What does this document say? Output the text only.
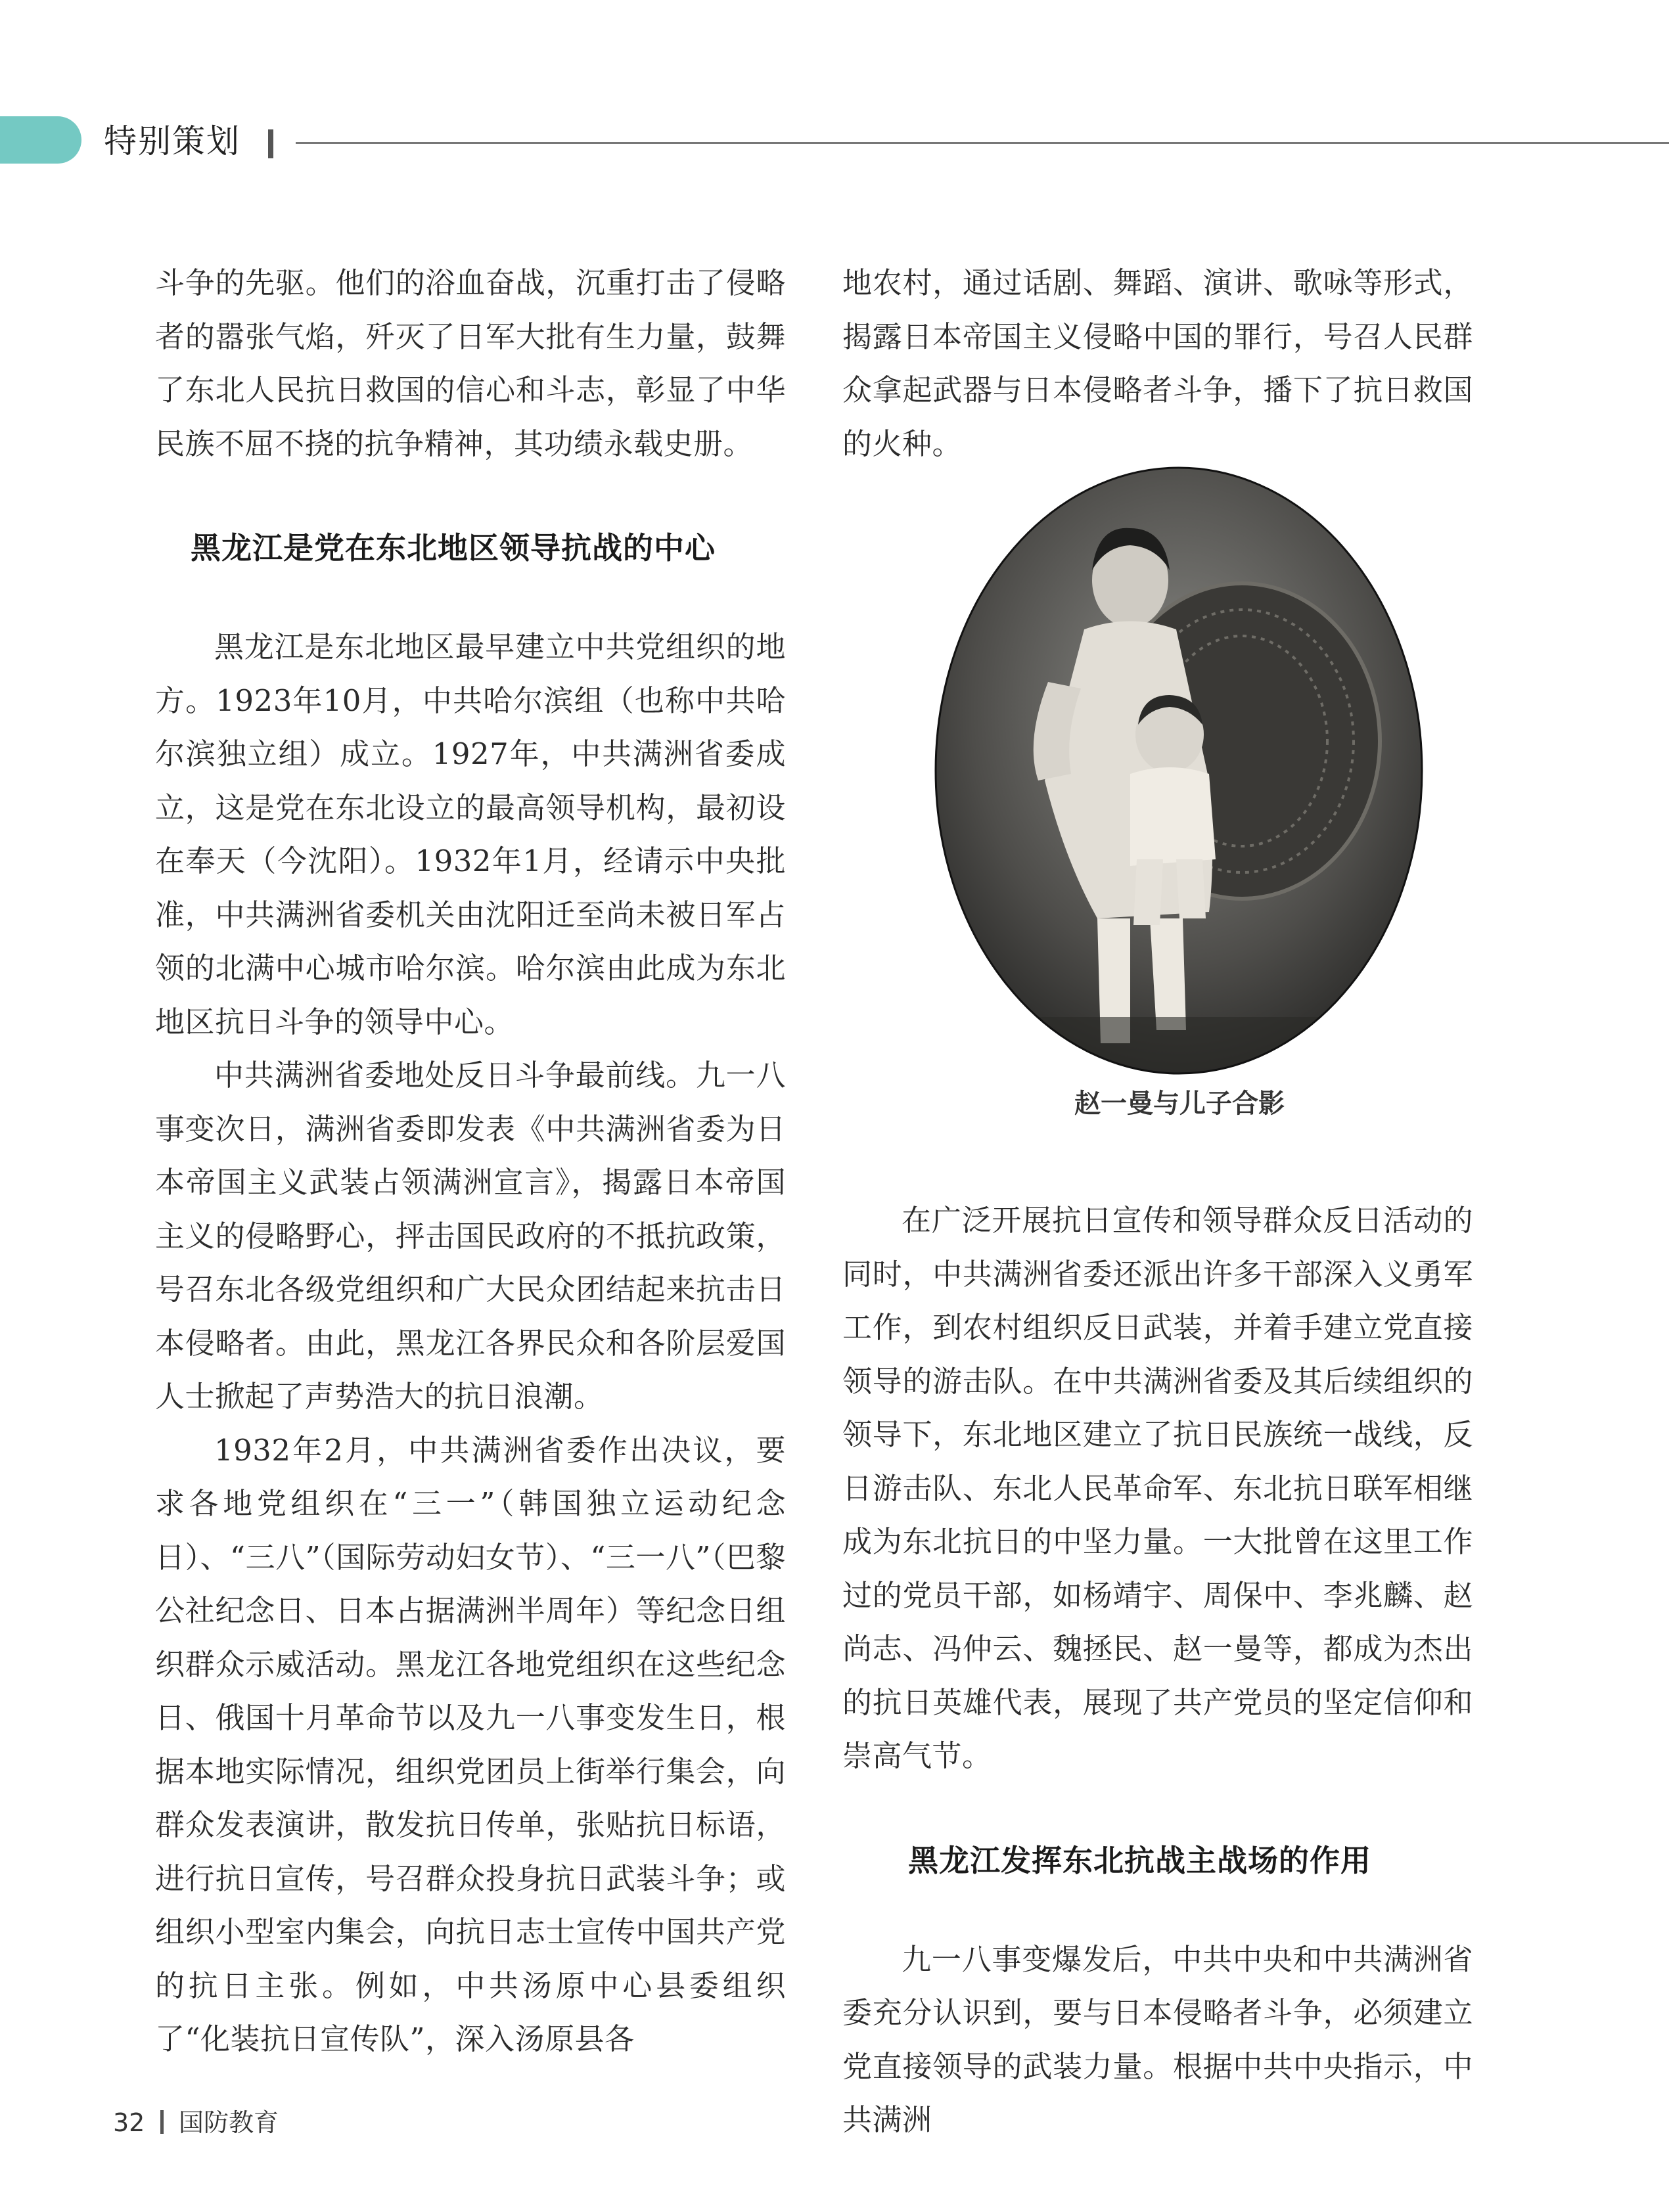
特别策划

斗争的先驱。他们的浴血奋战，沉重打击了侵略者的嚣张气焰，歼灭了日军大批有生力量，鼓舞了东北人民抗日救国的信心和斗志，彰显了中华民族不屈不挠的抗争精神，其功绩永载史册。

黑龙江是党在东北地区领导抗战的中心

黑龙江是东北地区最早建立中共党组织的地方。1923年10月，中共哈尔滨组（也称中共哈尔滨独立组）成立。1927年，中共满洲省委成立，这是党在东北设立的最高领导机构，最初设在奉天（今沈阳）。1932年1月，经请示中央批准，中共满洲省委机关由沈阳迁至尚未被日军占领的北满中心城市哈尔滨。哈尔滨由此成为东北地区抗日斗争的领导中心。

中共满洲省委地处反日斗争最前线。九一八事变次日，满洲省委即发表《中共满洲省委为日本帝国主义武装占领满洲宣言》，揭露日本帝国主义的侵略野心，抨击国民政府的不抵抗政策，号召东北各级党组织和广大民众团结起来抗击日本侵略者。由此，黑龙江各界民众和各阶层爱国人士掀起了声势浩大的抗日浪潮。

1932年2月，中共满洲省委作出决议，要求各地党组织在“三一”（韩国独立运动纪念日）、“三八”（国际劳动妇女节）、“三一八”（巴黎公社纪念日、日本占据满洲半周年）等纪念日组织群众示威活动。黑龙江各地党组织在这些纪念日、俄国十月革命节以及九一八事变发生日，根据本地实际情况，组织党团员上街举行集会，向群众发表演讲，散发抗日传单，张贴抗日标语，进行抗日宣传，号召群众投身抗日武装斗争；或组织小型室内集会，向抗日志士宣传中国共产党的抗日主张。例如，中共汤原中心县委组织了“化装抗日宣传队”，深入汤原县各

地农村，通过话剧、舞蹈、演讲、歌咏等形式，揭露日本帝国主义侵略中国的罪行，号召人民群众拿起武器与日本侵略者斗争，播下了抗日救国的火种。

赵一曼与儿子合影

在广泛开展抗日宣传和领导群众反日活动的同时，中共满洲省委还派出许多干部深入义勇军工作，到农村组织反日武装，并着手建立党直接领导的游击队。在中共满洲省委及其后续组织的领导下，东北地区建立了抗日民族统一战线，反日游击队、东北人民革命军、东北抗日联军相继成为东北抗日的中坚力量。一大批曾在这里工作过的党员干部，如杨靖宇、周保中、李兆麟、赵尚志、冯仲云、魏拯民、赵一曼等，都成为杰出的抗日英雄代表，展现了共产党员的坚定信仰和崇高气节。

黑龙江发挥东北抗战主战场的作用

九一八事变爆发后，中共中央和中共满洲省委充分认识到，要与日本侵略者斗争，必须建立党直接领导的武装力量。根据中共中央指示，中共满洲

32 国防教育
